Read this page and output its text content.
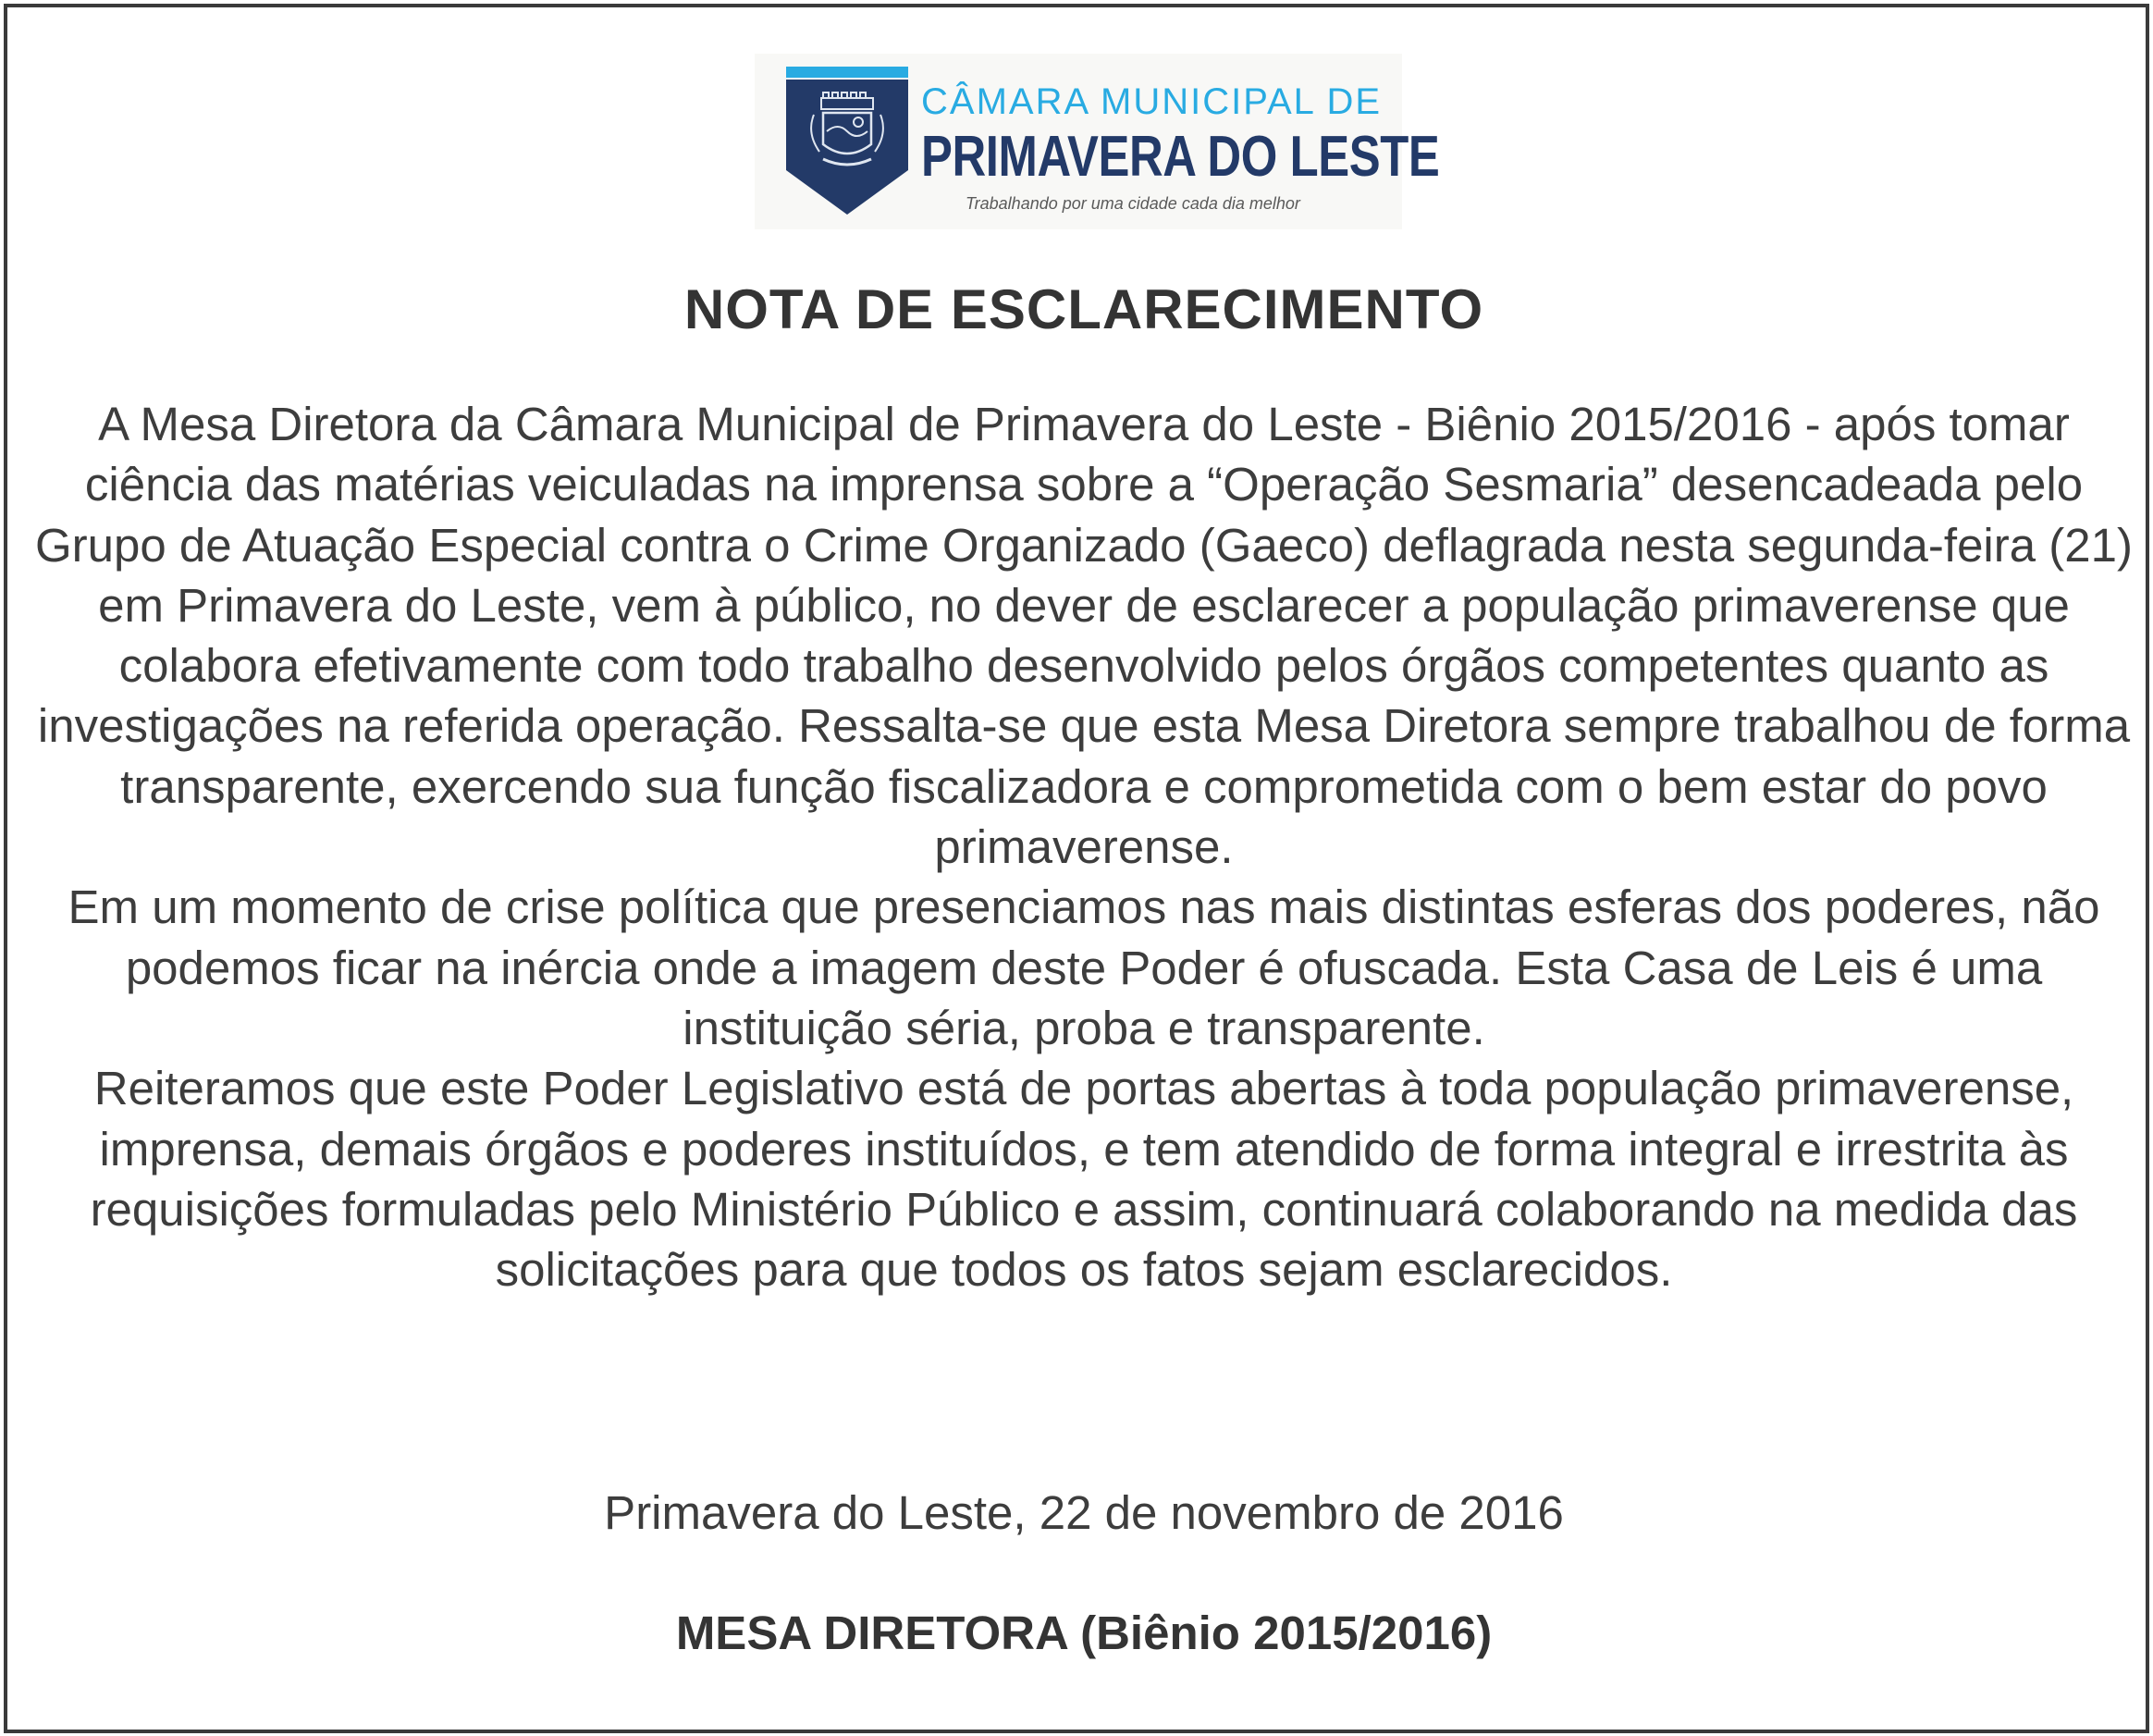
CÂMARA MUNICIPAL DE
PRIMAVERA DO LESTE
Trabalhando por uma cidade cada dia melhor
NOTA DE ESCLARECIMENTO

A Mesa Diretora da Câmara Municipal de Primavera do Leste - Biênio 2015/2016 - após tomar ciência das matérias veiculadas na imprensa sobre a “Operação Sesmaria” desencadeada pelo Grupo de Atuação Especial contra o Crime Organizado (Gaeco) deflagrada nesta segunda-feira (21) em Primavera do Leste, vem à público, no dever de esclarecer a população primaverense que colabora efetivamente com todo trabalho desenvolvido pelos órgãos competentes quanto as investigações na referida operação. Ressalta-se que esta Mesa Diretora sempre trabalhou de forma transparente, exercendo sua função fiscalizadora e comprometida com o bem estar do povo primaverense.

Em um momento de crise política que presenciamos nas mais distintas esferas dos poderes, não podemos ficar na inércia onde a imagem deste Poder é ofuscada. Esta Casa de Leis é uma instituição séria, proba e transparente.

Reiteramos que este Poder Legislativo está de portas abertas à toda população primaverense, imprensa, demais órgãos e poderes instituídos, e tem atendido de forma integral e irrestrita às requisições formuladas pelo Ministério Público e assim, continuará colaborando na medida das solicitações para que todos os fatos sejam esclarecidos.

Primavera do Leste, 22 de novembro de 2016
MESA DIRETORA (Biênio 2015/2016)
